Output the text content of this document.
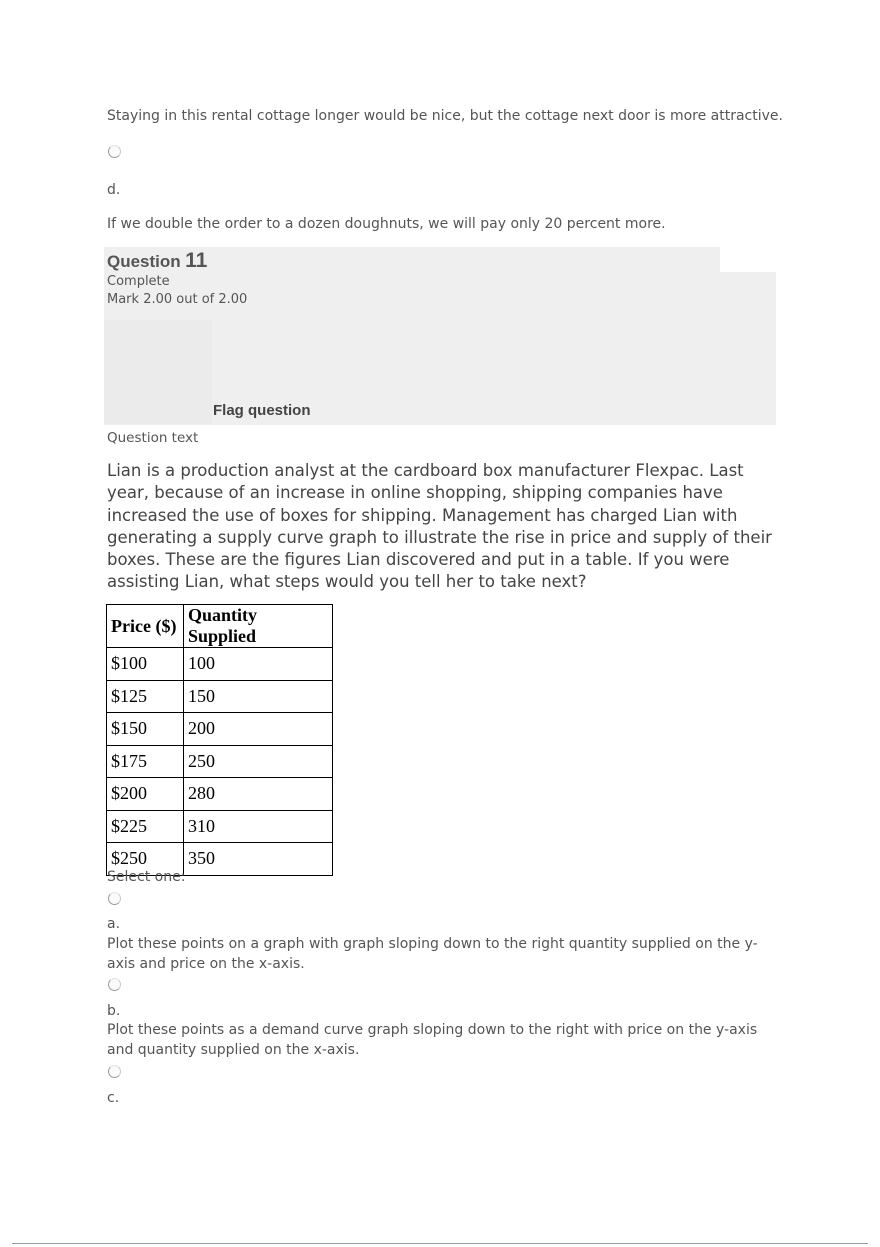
Staying in this rental cottage longer would be nice, but the cottage next door is more attractive.
d.
If we double the order to a dozen doughnuts, we will pay only 20 percent more.
Question 11
Complete
Mark 2.00 out of 2.00
Flag question
Question text
Lian is a production analyst at the cardboard box manufacturer Flexpac. Last year, because of an increase in online shopping, shipping companies have increased the use of boxes for shipping. Management has charged Lian with generating a supply curve graph to illustrate the rise in price and supply of their boxes. These are the figures Lian discovered and put in a table. If you were assisting Lian, what steps would you tell her to take next?
Price ($)	Quantity Supplied
$100	100
$125	150
$150	200
$175	250
$200	280
$225	310
$250	350
Select one:
a.
Plot these points on a graph with graph sloping down to the right quantity supplied on the y-axis and price on the x-axis.
b.
Plot these points as a demand curve graph sloping down to the right with price on the y-axis and quantity supplied on the x-axis.
c.
